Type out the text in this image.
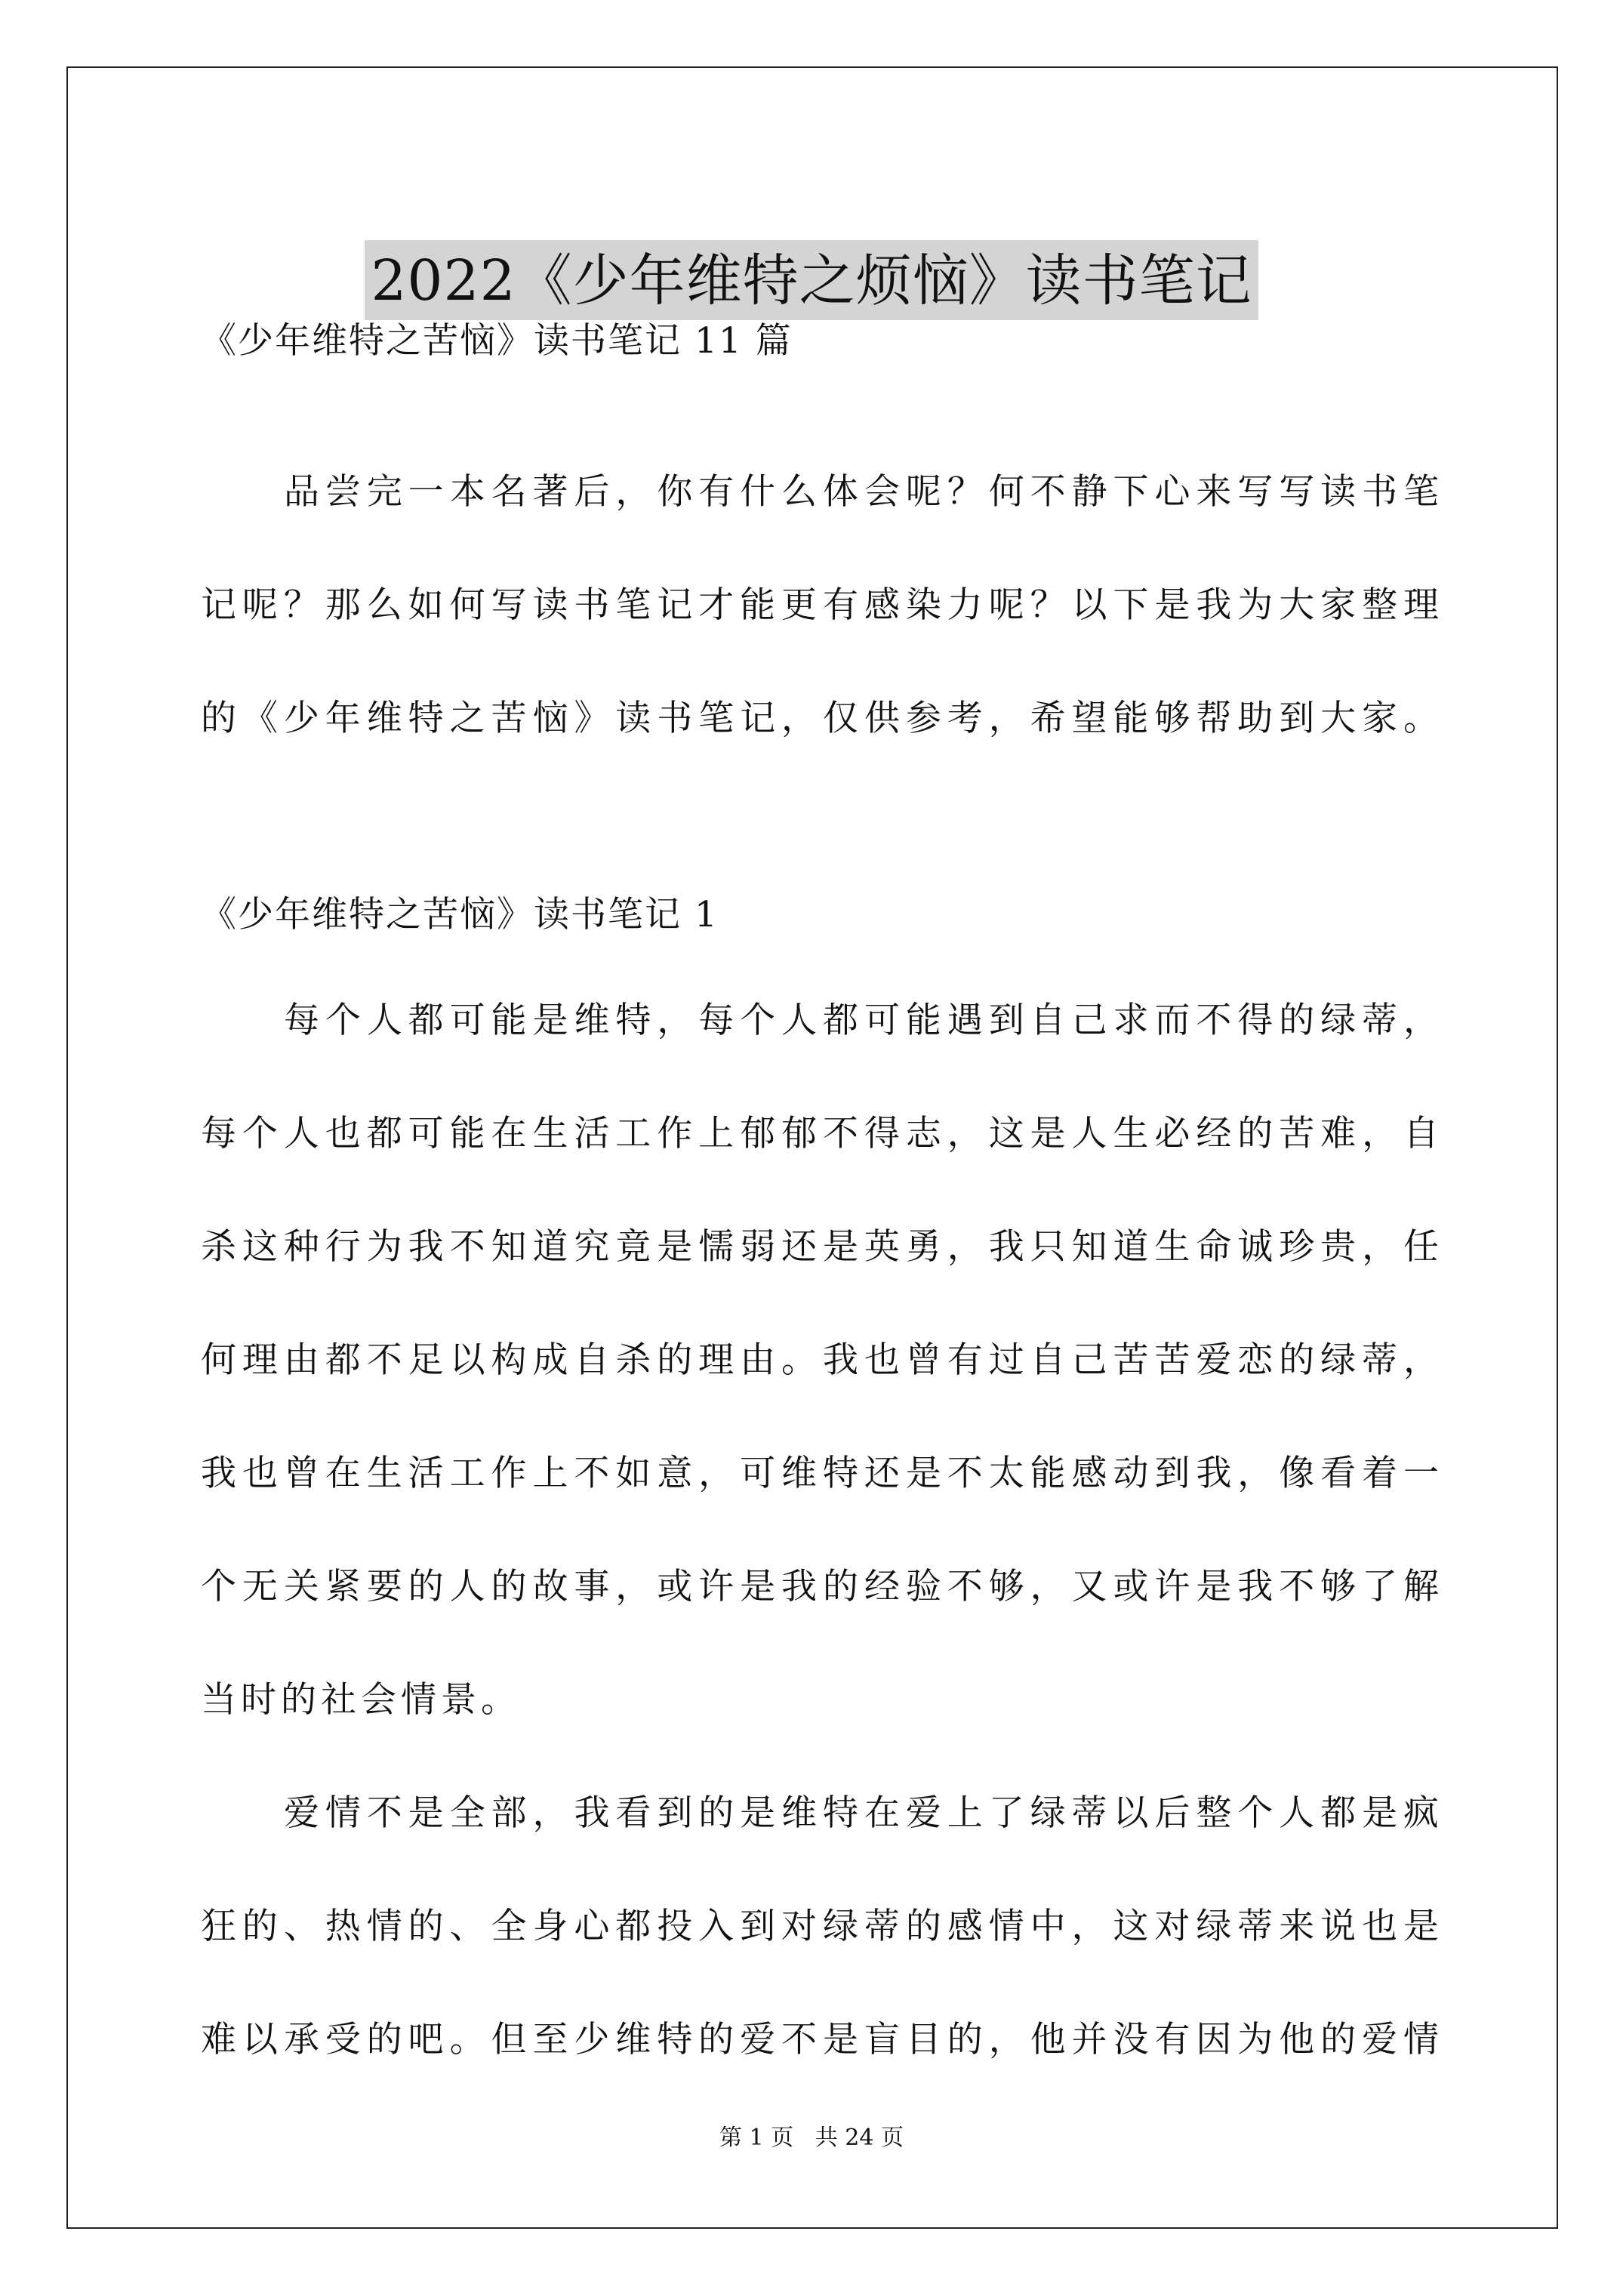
2022《少年维特之烦恼》读书笔记
《少年维特之苦恼》读书笔记 11 篇
品尝完一本名著后，你有什么体会呢？何不静下心来写写读书笔
记呢？那么如何写读书笔记才能更有感染力呢？以下是我为大家整理
的《少年维特之苦恼》读书笔记，仅供参考，希望能够帮助到大家。
《少年维特之苦恼》读书笔记 1
每个人都可能是维特，每个人都可能遇到自己求而不得的绿蒂，
每个人也都可能在生活工作上郁郁不得志，这是人生必经的苦难，自
杀这种行为我不知道究竟是懦弱还是英勇，我只知道生命诚珍贵，任
何理由都不足以构成自杀的理由。我也曾有过自己苦苦爱恋的绿蒂，
我也曾在生活工作上不如意，可维特还是不太能感动到我，像看着一
个无关紧要的人的故事，或许是我的经验不够，又或许是我不够了解
当时的社会情景。
爱情不是全部，我看到的是维特在爱上了绿蒂以后整个人都是疯
狂的、热情的、全身心都投入到对绿蒂的感情中，这对绿蒂来说也是
难以承受的吧。但至少维特的爱不是盲目的，他并没有因为他的爱情
第 1 页   共 24 页
